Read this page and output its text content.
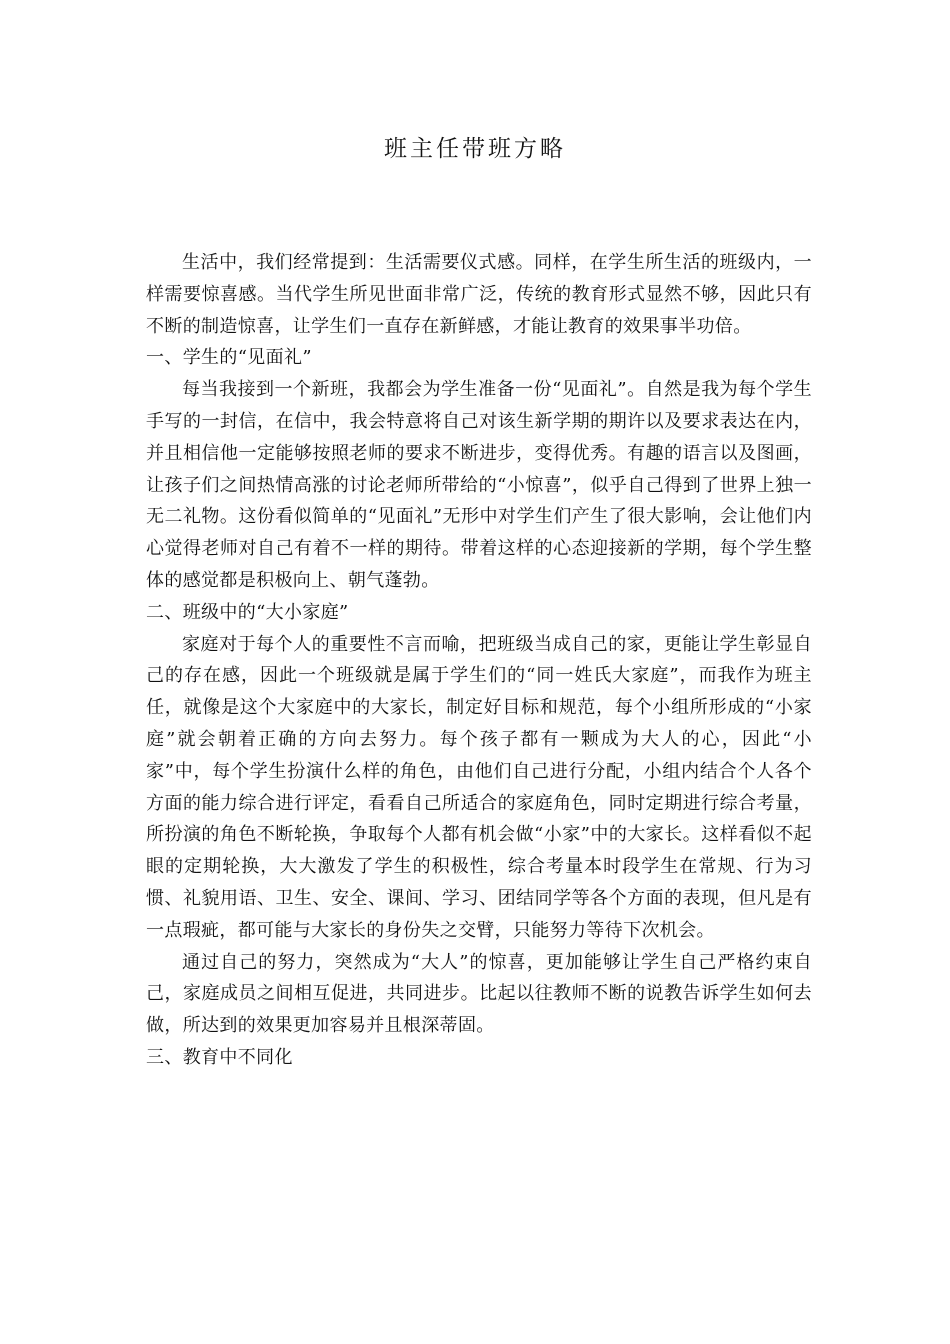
班主任带班方略

生活中，我们经常提到：生活需要仪式感。同样，在学生所生活的班级内，一样需要惊喜感。当代学生所见世面非常广泛，传统的教育形式显然不够，因此只有不断的制造惊喜，让学生们一直存在新鲜感，才能让教育的效果事半功倍。

一、学生的“见面礼”

每当我接到一个新班，我都会为学生准备一份“见面礼”。自然是我为每个学生手写的一封信，在信中，我会特意将自己对该生新学期的期许以及要求表达在内，并且相信他一定能够按照老师的要求不断进步，变得优秀。有趣的语言以及图画，让孩子们之间热情高涨的讨论老师所带给的“小惊喜”，似乎自己得到了世界上独一无二礼物。这份看似简单的“见面礼”无形中对学生们产生了很大影响，会让他们内心觉得老师对自己有着不一样的期待。带着这样的心态迎接新的学期，每个学生整体的感觉都是积极向上、朝气蓬勃。

二、班级中的“大小家庭”

家庭对于每个人的重要性不言而喻，把班级当成自己的家，更能让学生彰显自己的存在感，因此一个班级就是属于学生们的“同一姓氏大家庭”，而我作为班主任，就像是这个大家庭中的大家长，制定好目标和规范，每个小组所形成的“小家庭”就会朝着正确的方向去努力。每个孩子都有一颗成为大人的心，因此“小家”中，每个学生扮演什么样的角色，由他们自己进行分配，小组内结合个人各个方面的能力综合进行评定，看看自己所适合的家庭角色，同时定期进行综合考量，所扮演的角色不断轮换，争取每个人都有机会做“小家”中的大家长。这样看似不起眼的定期轮换，大大激发了学生的积极性，综合考量本时段学生在常规、行为习惯、礼貌用语、卫生、安全、课间、学习、团结同学等各个方面的表现，但凡是有一点瑕疵，都可能与大家长的身份失之交臂，只能努力等待下次机会。

通过自己的努力，突然成为“大人”的惊喜，更加能够让学生自己严格约束自己，家庭成员之间相互促进，共同进步。比起以往教师不断的说教告诉学生如何去做，所达到的效果更加容易并且根深蒂固。

三、教育中不同化
